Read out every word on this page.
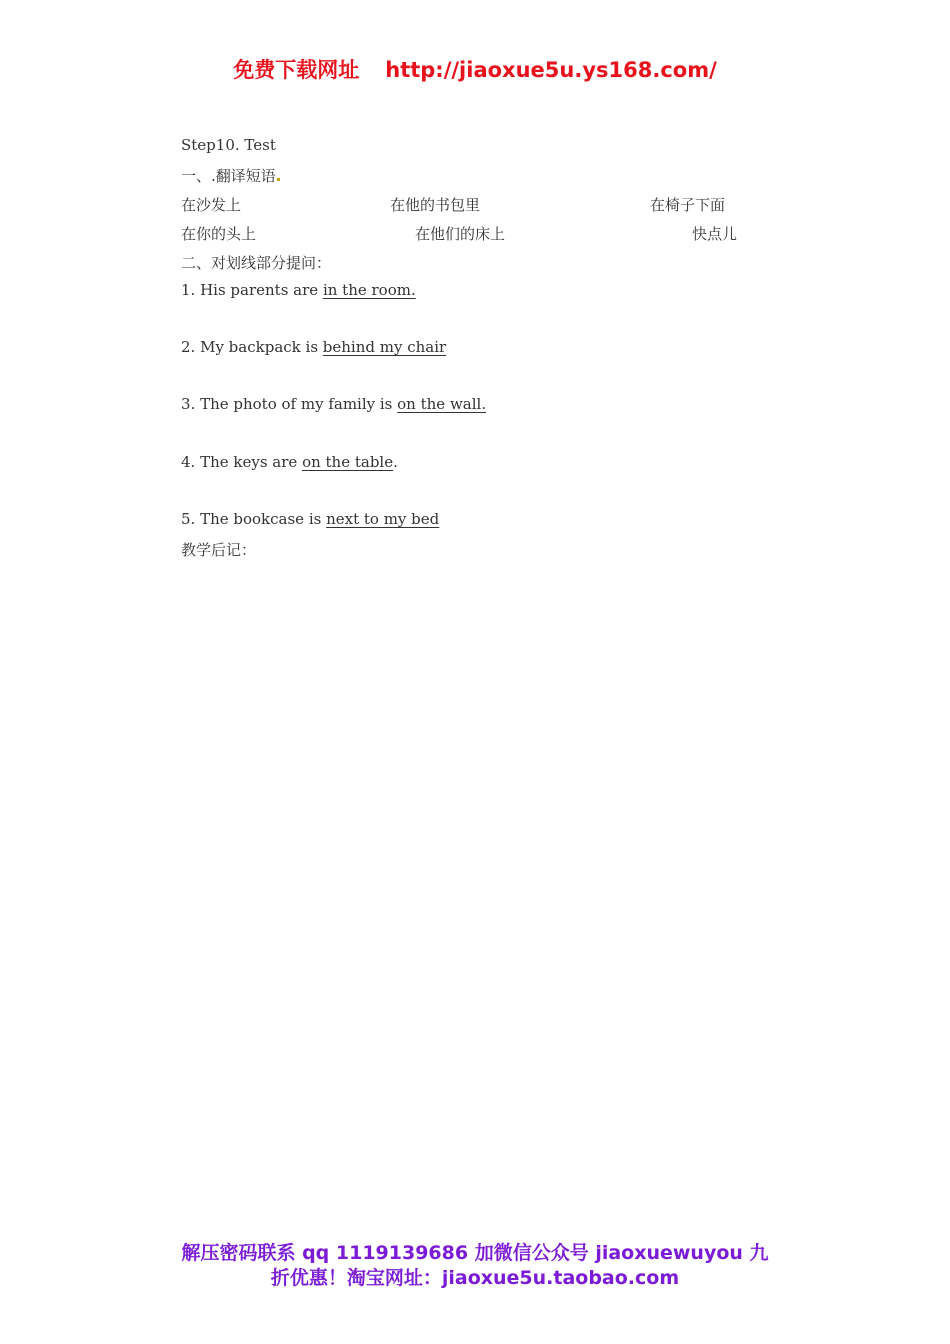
免费下载网址 http://jiaoxue5u.ys168.com/
Step10. Test
一、.翻译短语
在沙发上	在他的书包里	在椅子下面
在你的头上	在他们的床上	快点儿
二、对划线部分提问：
1. His parents are in the room.
2. My backpack is behind my chair
3. The photo of my family is on the wall.
4. The keys are on the table.
5. The bookcase is next to my bed
教学后记：
解压密码联系 qq 1119139686 加微信公众号 jiaoxuewuyou 九
折优惠！淘宝网址：jiaoxue5u.taobao.com
